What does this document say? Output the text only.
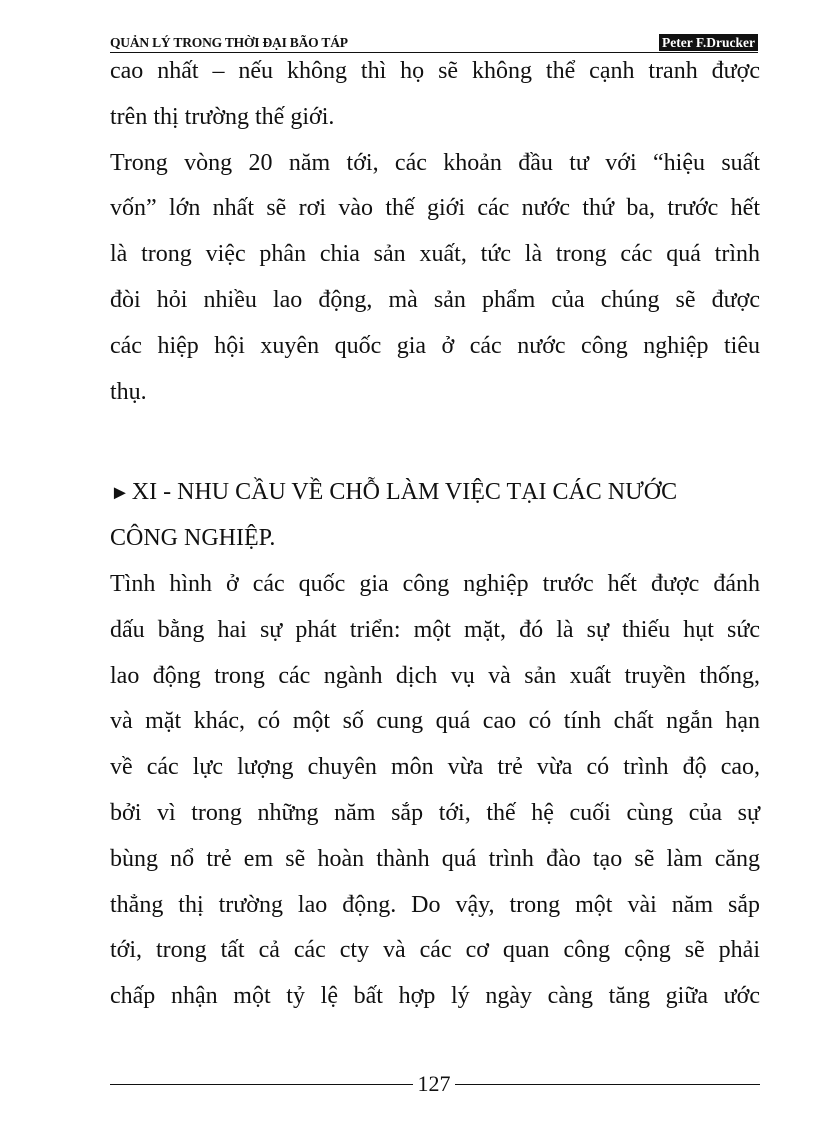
QUẢN LÝ TRONG THỜI ĐẠI BÃO TÁP	Peter F.Drucker
cao nhất – nếu không thì họ sẽ không thể cạnh tranh được
trên thị trường thế giới.
Trong vòng 20 năm tới, các khoản đầu tư với “hiệu suất
vốn” lớn nhất sẽ rơi vào thế giới các nước thứ ba, trước hết
là trong việc phân chia sản xuất, tức là trong các quá trình
đòi hỏi nhiều lao động, mà sản phẩm của chúng sẽ được
các hiệp hội xuyên quốc gia ở các nước công nghiệp tiêu
thụ.
►XI - NHU CẦU VỀ CHỖ LÀM VIỆC TẠI CÁC NƯỚC
CÔNG NGHIỆP.
Tình hình ở các quốc gia công nghiệp trước hết được đánh
dấu bằng hai sự phát triển: một mặt, đó là sự thiếu hụt sức
lao động trong các ngành dịch vụ và sản xuất truyền thống,
và mặt khác, có một số cung quá cao có tính chất ngắn hạn
về các lực lượng chuyên môn vừa trẻ vừa có trình độ cao,
bởi vì trong những năm sắp tới, thế hệ cuối cùng của sự
bùng nổ trẻ em sẽ hoàn thành quá trình đào tạo sẽ làm căng
thẳng thị trường lao động. Do vậy, trong một vài năm sắp
tới, trong tất cả các cty và các cơ quan công cộng sẽ phải
chấp nhận một tỷ lệ bất hợp lý ngày càng tăng giữa ước
127
